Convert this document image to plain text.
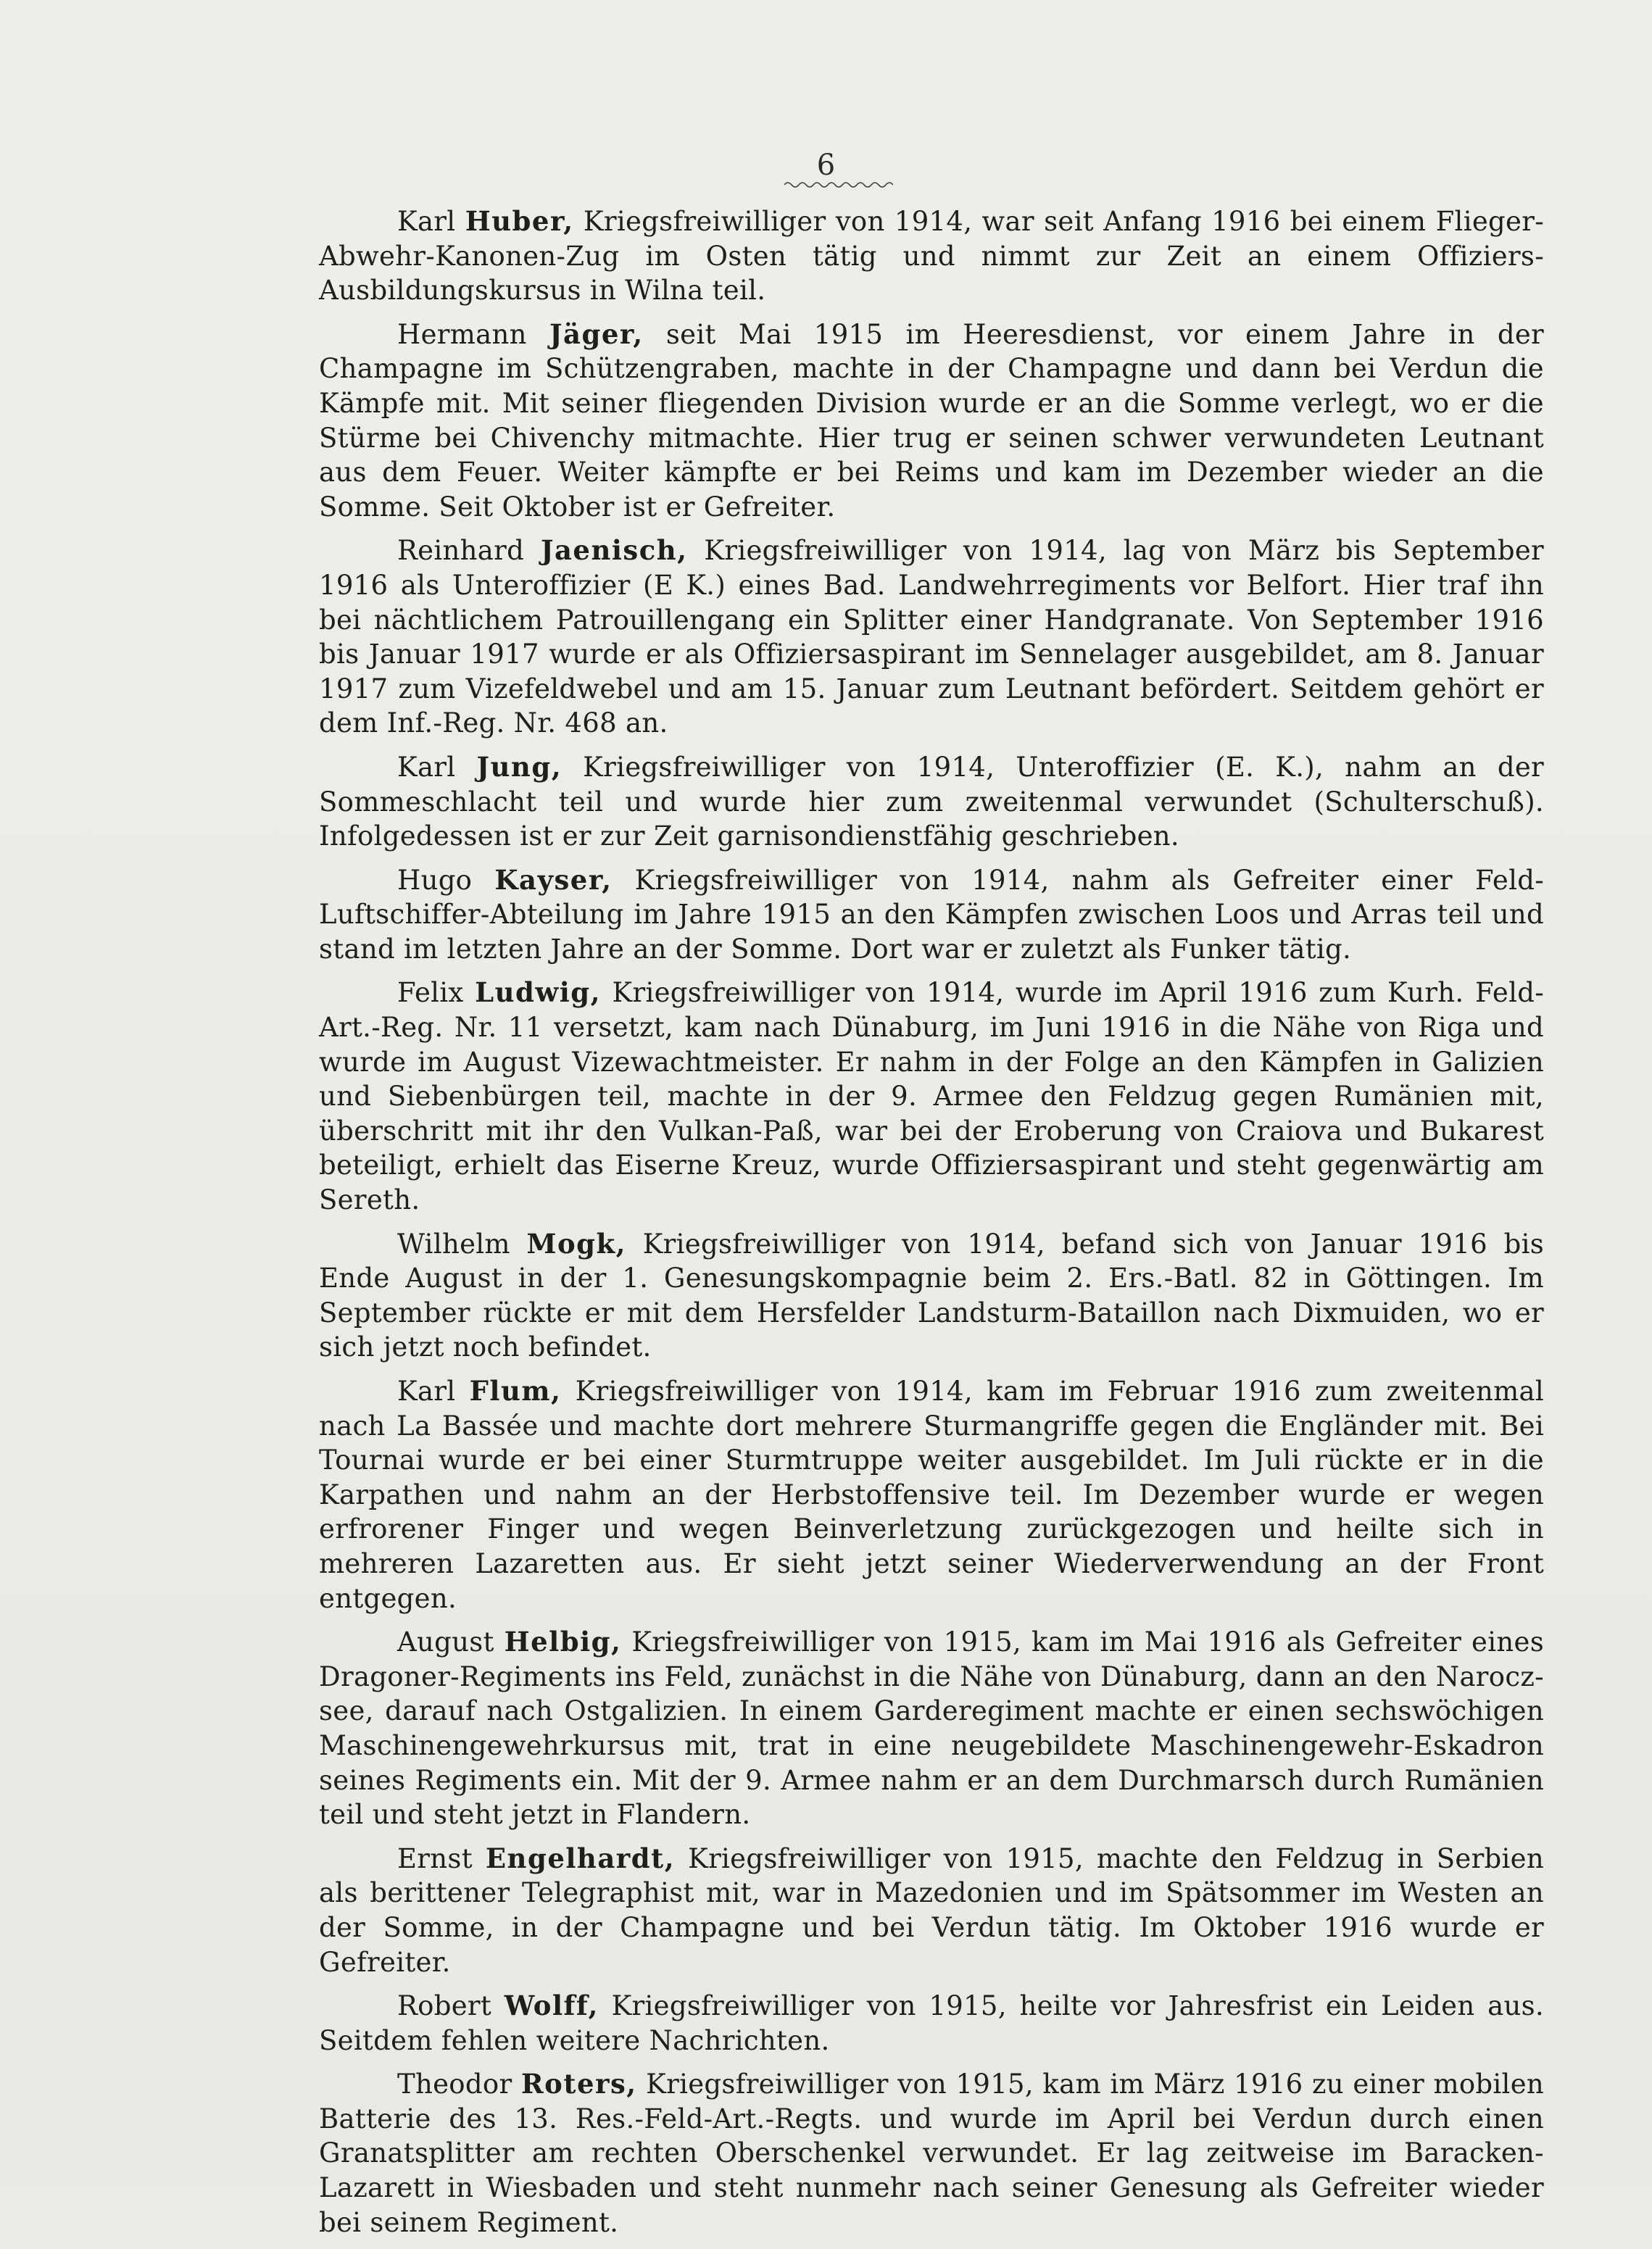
6

Karl Huber, Kriegsfreiwilliger von 1914, war seit Anfang 1916 bei einem Flieger-Abwehr-Kanonen-Zug im Osten tätig und nimmt zur Zeit an einem Offiziers-Ausbildungskursus in Wilna teil.

Hermann Jäger, seit Mai 1915 im Heeresdienst, vor einem Jahre in der Champagne im Schützengraben, machte in der Champagne und dann bei Verdun die Kämpfe mit. Mit seiner fliegenden Division wurde er an die Somme verlegt, wo er die Stürme bei Chivenchy mitmachte. Hier trug er seinen schwer verwundeten Leutnant aus dem Feuer. Weiter kämpfte er bei Reims und kam im Dezember wieder an die Somme. Seit Oktober ist er Gefreiter.

Reinhard Jaenisch, Kriegsfreiwilliger von 1914, lag von März bis September 1916 als Unteroffizier (E K.) eines Bad. Landwehrregiments vor Belfort. Hier traf ihn bei nächtlichem Patrouillengang ein Splitter einer Handgranate. Von September 1916 bis Januar 1917 wurde er als Offiziersaspirant im Sennelager ausgebildet, am 8. Januar 1917 zum Vizefeldwebel und am 15. Januar zum Leutnant befördert. Seitdem gehört er dem Inf.-Reg. Nr. 468 an.

Karl Jung, Kriegsfreiwilliger von 1914, Unteroffizier (E. K.), nahm an der Sommeschlacht teil und wurde hier zum zweitenmal verwundet (Schulterschuß). Infolgedessen ist er zur Zeit garnisondienstfähig geschrieben.

Hugo Kayser, Kriegsfreiwilliger von 1914, nahm als Gefreiter einer Feld-Luftschiffer-Abteilung im Jahre 1915 an den Kämpfen zwischen Loos und Arras teil und stand im letzten Jahre an der Somme. Dort war er zuletzt als Funker tätig.

Felix Ludwig, Kriegsfreiwilliger von 1914, wurde im April 1916 zum Kurh. Feld-Art.-Reg. Nr. 11 versetzt, kam nach Dünaburg, im Juni 1916 in die Nähe von Riga und wurde im August Vizewachtmeister. Er nahm in der Folge an den Kämpfen in Galizien und Siebenbürgen teil, machte in der 9. Armee den Feldzug gegen Rumänien mit, überschritt mit ihr den Vulkan-Paß, war bei der Eroberung von Craiova und Bukarest beteiligt, erhielt das Eiserne Kreuz, wurde Offiziersaspirant und steht gegenwärtig am Sereth.

Wilhelm Mogk, Kriegsfreiwilliger von 1914, befand sich von Januar 1916 bis Ende August in der 1. Genesungskompagnie beim 2. Ers.-Batl. 82 in Göttingen. Im September rückte er mit dem Hersfelder Landsturm-Bataillon nach Dixmuiden, wo er sich jetzt noch befindet.

Karl Flum, Kriegsfreiwilliger von 1914, kam im Februar 1916 zum zweitenmal nach La Bassée und machte dort mehrere Sturmangriffe gegen die Engländer mit. Bei Tournai wurde er bei einer Sturmtruppe weiter ausgebildet. Im Juli rückte er in die Karpathen und nahm an der Herbstoffensive teil. Im Dezember wurde er wegen erfrorener Finger und wegen Beinverletzung zurückgezogen und heilte sich in mehreren Lazaretten aus. Er sieht jetzt seiner Wiederverwendung an der Front entgegen.

August Helbig, Kriegsfreiwilliger von 1915, kam im Mai 1916 als Gefreiter eines Dragoner-Regiments ins Feld, zunächst in die Nähe von Dünaburg, dann an den Narocz-see, darauf nach Ostgalizien. In einem Garderegiment machte er einen sechswöchigen Maschinengewehrkursus mit, trat in eine neugebildete Maschinengewehr-Eskadron seines Regiments ein. Mit der 9. Armee nahm er an dem Durchmarsch durch Rumänien teil und steht jetzt in Flandern.

Ernst Engelhardt, Kriegsfreiwilliger von 1915, machte den Feldzug in Serbien als berittener Telegraphist mit, war in Mazedonien und im Spätsommer im Westen an der Somme, in der Champagne und bei Verdun tätig. Im Oktober 1916 wurde er Gefreiter.

Robert Wolff, Kriegsfreiwilliger von 1915, heilte vor Jahresfrist ein Leiden aus. Seitdem fehlen weitere Nachrichten.

Theodor Roters, Kriegsfreiwilliger von 1915, kam im März 1916 zu einer mobilen Batterie des 13. Res.-Feld-Art.-Regts. und wurde im April bei Verdun durch einen Granatsplitter am rechten Oberschenkel verwundet. Er lag zeitweise im Baracken-Lazarett in Wiesbaden und steht nunmehr nach seiner Genesung als Gefreiter wieder bei seinem Regiment.
